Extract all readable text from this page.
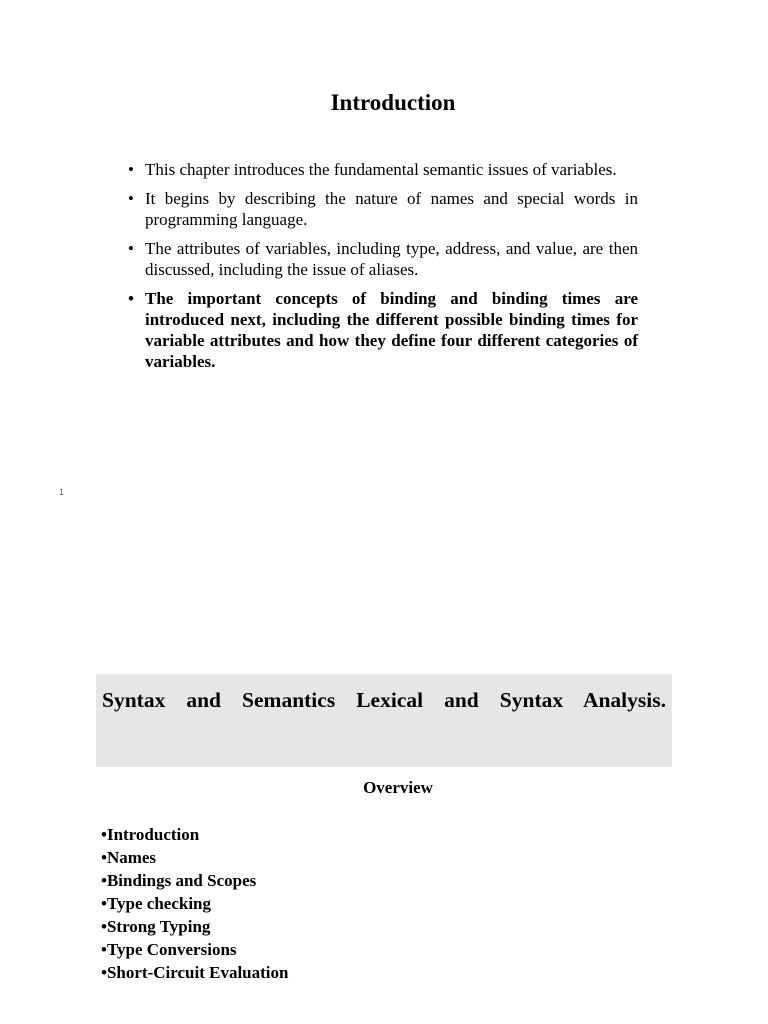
Introduction
• This chapter introduces the fundamental semantic issues of variables.
• It begins by describing the nature of names and special words in programming language.
• The attributes of variables, including type, address, and value, are then discussed, including the issue of aliases.
• The important concepts of binding and binding times are introduced next, including the different possible binding times for variable attributes and how they define four different categories of variables.
1

Syntax and Semantics Lexical and Syntax Analysis.

Overview
•Introduction
•Names
•Bindings and Scopes
•Type checking
•Strong Typing
•Type Conversions
•Short-Circuit Evaluation
